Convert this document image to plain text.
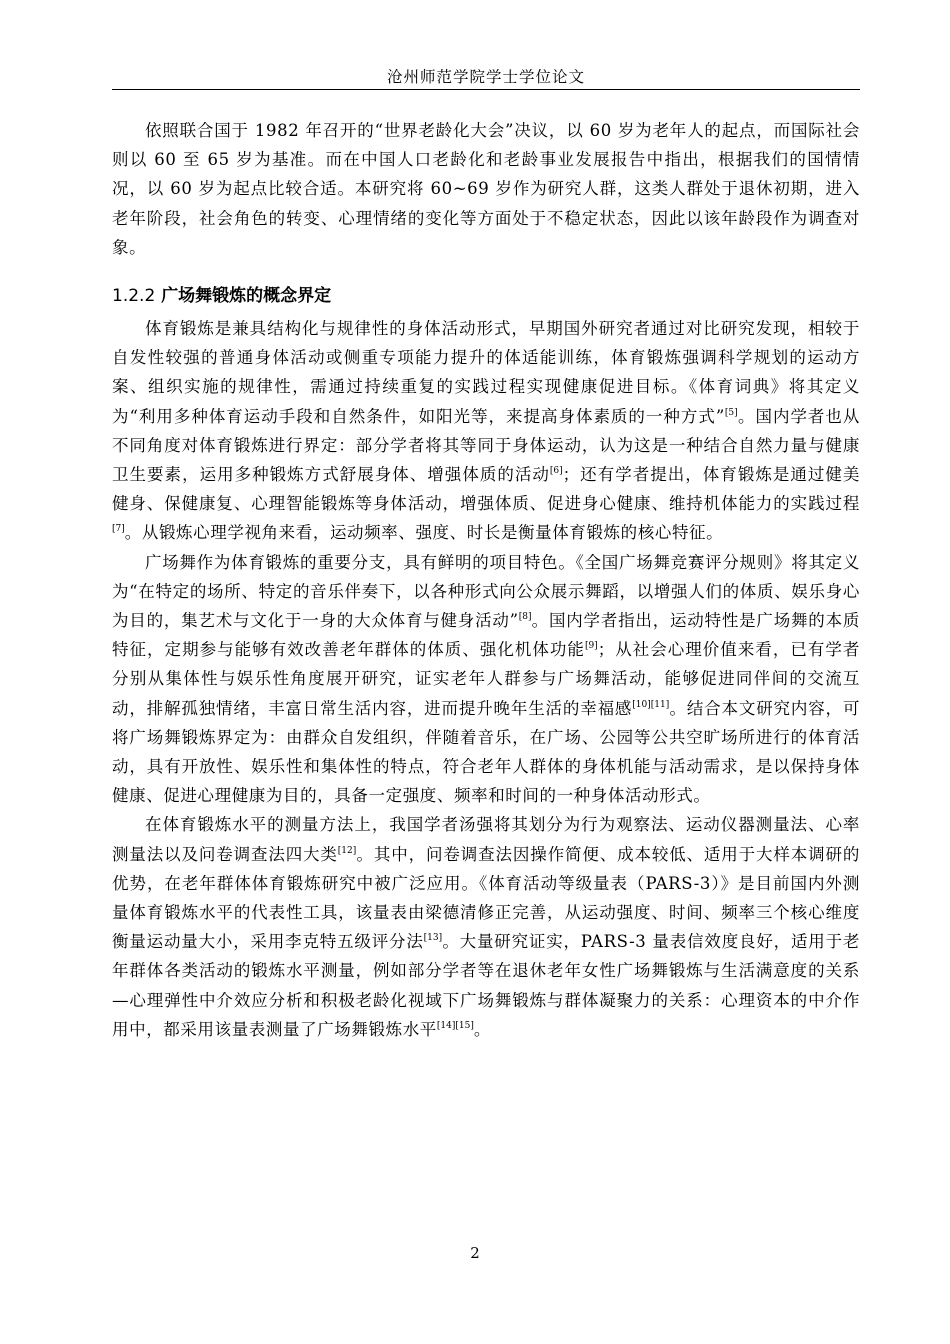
沧州师范学院学士学位论文

依照联合国于 1982 年召开的“世界老龄化大会”决议，以 60 岁为老年人的起点，而国际社会则以 60 至 65 岁为基准。而在中国人口老龄化和老龄事业发展报告中指出，根据我们的国情情况，以 60 岁为起点比较合适。本研究将 60~69 岁作为研究人群，这类人群处于退休初期，进入老年阶段，社会角色的转变、心理情绪的变化等方面处于不稳定状态，因此以该年龄段作为调查对象。

1.2.2 广场舞锻炼的概念界定

体育锻炼是兼具结构化与规律性的身体活动形式，早期国外研究者通过对比研究发现，相较于自发性较强的普通身体活动或侧重专项能力提升的体适能训练，体育锻炼强调科学规划的运动方案、组织实施的规律性，需通过持续重复的实践过程实现健康促进目标。《体育词典》将其定义为“利用多种体育运动手段和自然条件，如阳光等，来提高身体素质的一种方式”[5]。国内学者也从不同角度对体育锻炼进行界定：部分学者将其等同于身体运动，认为这是一种结合自然力量与健康卫生要素，运用多种锻炼方式舒展身体、增强体质的活动[6]；还有学者提出，体育锻炼是通过健美健身、保健康复、心理智能锻炼等身体活动，增强体质、促进身心健康、维持机体能力的实践过程[7]。从锻炼心理学视角来看，运动频率、强度、时长是衡量体育锻炼的核心特征。

广场舞作为体育锻炼的重要分支，具有鲜明的项目特色。《全国广场舞竞赛评分规则》将其定义为“在特定的场所、特定的音乐伴奏下，以各种形式向公众展示舞蹈，以增强人们的体质、娱乐身心为目的，集艺术与文化于一身的大众体育与健身活动”[8]。国内学者指出，运动特性是广场舞的本质特征，定期参与能够有效改善老年群体的体质、强化机体功能[9]；从社会心理价值来看，已有学者分别从集体性与娱乐性角度展开研究，证实老年人群参与广场舞活动，能够促进同伴间的交流互动，排解孤独情绪，丰富日常生活内容，进而提升晚年生活的幸福感[10][11]。结合本文研究内容，可将广场舞锻炼界定为：由群众自发组织，伴随着音乐，在广场、公园等公共空旷场所进行的体育活动，具有开放性、娱乐性和集体性的特点，符合老年人群体的身体机能与活动需求，是以保持身体健康、促进心理健康为目的，具备一定强度、频率和时间的一种身体活动形式。

在体育锻炼水平的测量方法上，我国学者汤强将其划分为行为观察法、运动仪器测量法、心率测量法以及问卷调查法四大类[12]。其中，问卷调查法因操作简便、成本较低、适用于大样本调研的优势，在老年群体体育锻炼研究中被广泛应用。《体育活动等级量表（PARS-3）》是目前国内外测量体育锻炼水平的代表性工具，该量表由梁德清修正完善，从运动强度、时间、频率三个核心维度衡量运动量大小，采用李克特五级评分法[13]。大量研究证实，PARS-3 量表信效度良好，适用于老年群体各类活动的锻炼水平测量，例如部分学者等在退休老年女性广场舞锻炼与生活满意度的关系—心理弹性中介效应分析和积极老龄化视域下广场舞锻炼与群体凝聚力的关系：心理资本的中介作用中，都采用该量表测量了广场舞锻炼水平[14][15]。

2
